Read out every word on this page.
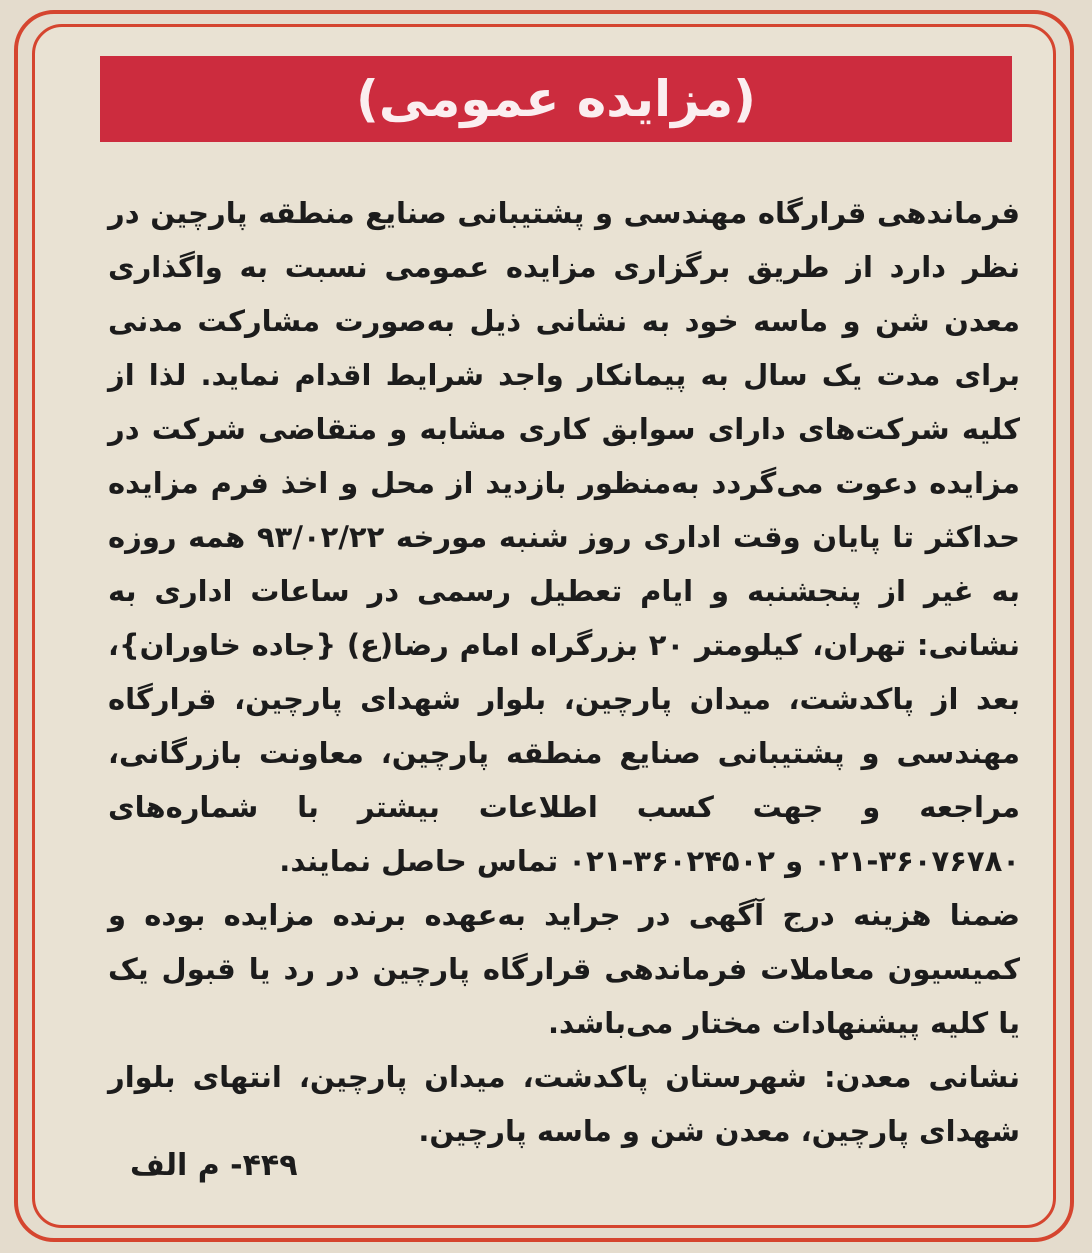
(مزایده عمومی)

فرماندهی قرارگاه مهندسی و پشتیبانی صنایع منطقه پارچین در نظر دارد از طریق برگزاری مزایده عمومی نسبت به واگذاری معدن شن و ماسه خود به نشانی ذیل به‌صورت مشارکت مدنی برای مدت یک سال به پیمانکار واجد شرایط اقدام نماید. لذا از کلیه شرکت‌های دارای سوابق کاری مشابه و متقاضی شرکت در مزایده دعوت می‌گردد به‌منظور بازدید از محل و اخذ فرم مزایده حداکثر تا پایان وقت اداری روز شنبه مورخه ۹۳/۰۲/۲۲ همه روزه به غیر از پنجشنبه و ایام تعطیل رسمی در ساعات اداری به نشانی: تهران، کیلومتر ۲۰ بزرگراه امام رضا(ع) {جاده خاوران}، بعد از پاکدشت، میدان پارچین، بلوار شهدای پارچین، قرارگاه مهندسی و پشتیبانی صنایع منطقه پارچین، معاونت بازرگانی، مراجعه و جهت کسب اطلاعات بیشتر با شماره‌های ۳۶۰۷۶۷۸۰-۰۲۱ و ۳۶۰۲۴۵۰۲-۰۲۱ تماس حاصل نمایند.

ضمنا هزینه درج آگهی در جراید به‌عهده برنده مزایده بوده و کمیسیون معاملات فرماندهی قرارگاه پارچین در رد یا قبول یک یا کلیه پیشنهادات مختار می‌باشد.

نشانی معدن: شهرستان پاکدشت، میدان پارچین، انتهای بلوار شهدای پارچین، معدن شن و ماسه پارچین.

۴۴۹- م الف
